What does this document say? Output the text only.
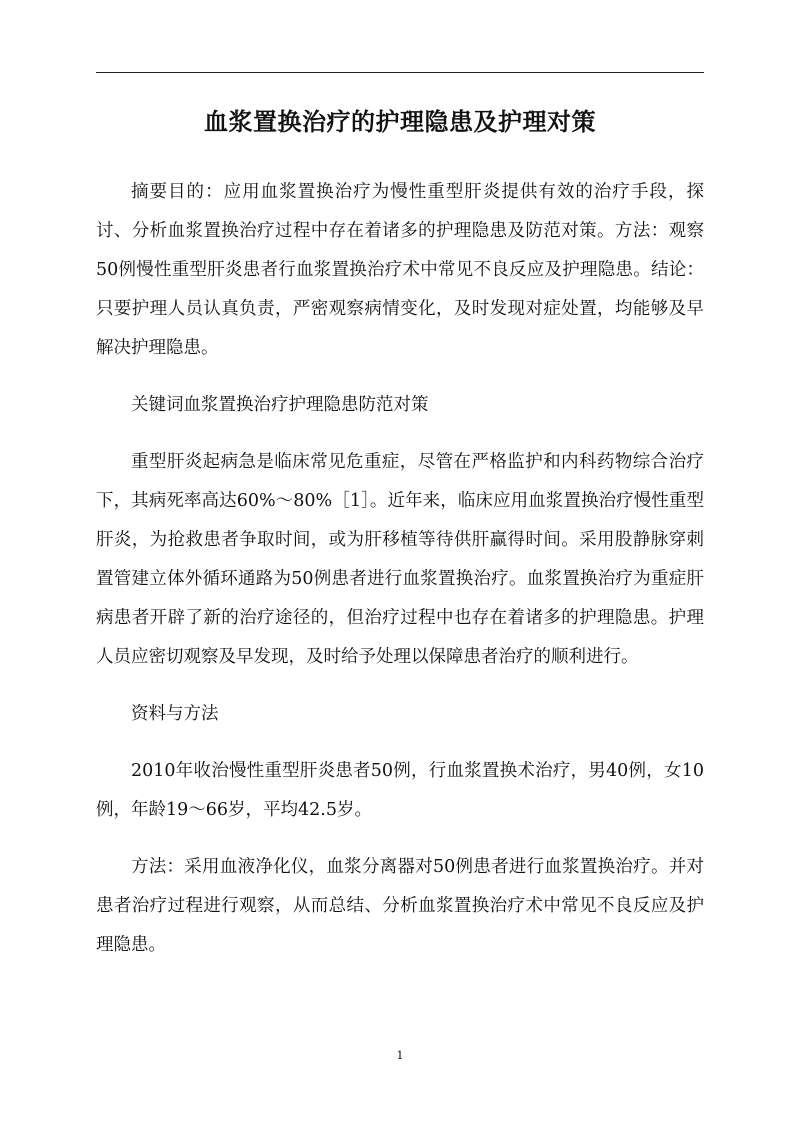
血浆置换治疗的护理隐患及护理对策

摘要目的：应用血浆置换治疗为慢性重型肝炎提供有效的治疗手段，探讨、分析血浆置换治疗过程中存在着诸多的护理隐患及防范对策。方法：观察50例慢性重型肝炎患者行血浆置换治疗术中常见不良反应及护理隐患。结论：只要护理人员认真负责，严密观察病情变化，及时发现对症处置，均能够及早解决护理隐患。

关键词血浆置换治疗护理隐患防范对策

重型肝炎起病急是临床常见危重症，尽管在严格监护和内科药物综合治疗下，其病死率高达60%～80%［1］。近年来，临床应用血浆置换治疗慢性重型肝炎，为抢救患者争取时间，或为肝移植等待供肝赢得时间。采用股静脉穿刺置管建立体外循环通路为50例患者进行血浆置换治疗。血浆置换治疗为重症肝病患者开辟了新的治疗途径的，但治疗过程中也存在着诸多的护理隐患。护理人员应密切观察及早发现，及时给予处理以保障患者治疗的顺利进行。

资料与方法

2010年收治慢性重型肝炎患者50例，行血浆置换术治疗，男40例，女10例，年龄19～66岁，平均42.5岁。

方法：采用血液净化仪，血浆分离器对50例患者进行血浆置换治疗。并对患者治疗过程进行观察，从而总结、分析血浆置换治疗术中常见不良反应及护理隐患。

1
